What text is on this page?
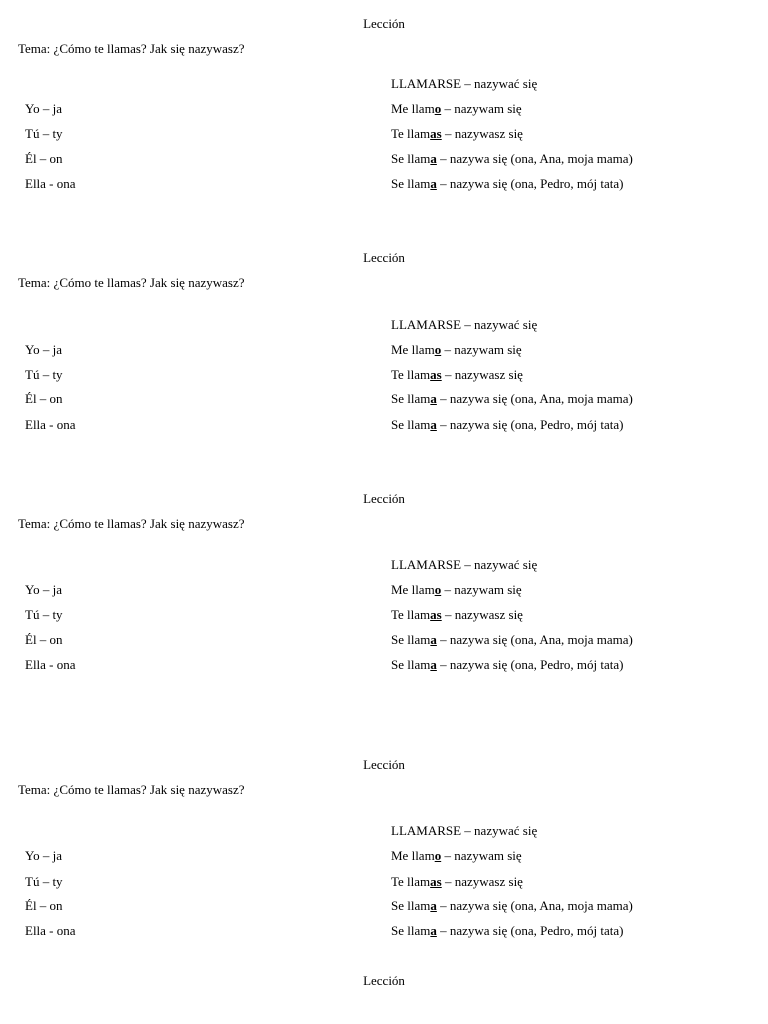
Lección
Tema: ¿Cómo te llamas? Jak się nazywasz?
LLAMARSE – nazywać się
Yo – ja
Tú – ty
Él – on
Ella - ona
Me llamo – nazywam się
Te llamas – nazywasz się
Se llama – nazywa się (ona, Ana, moja mama)
Se llama – nazywa się (ona, Pedro, mój tata)
Lección
Tema: ¿Cómo te llamas? Jak się nazywasz?
LLAMARSE – nazywać się
Yo – ja
Tú – ty
Él – on
Ella - ona
Me llamo – nazywam się
Te llamas – nazywasz się
Se llama – nazywa się (ona, Ana, moja mama)
Se llama – nazywa się (ona, Pedro, mój tata)
Lección
Tema: ¿Cómo te llamas? Jak się nazywasz?
LLAMARSE – nazywać się
Yo – ja
Tú – ty
Él – on
Ella - ona
Me llamo – nazywam się
Te llamas – nazywasz się
Se llama – nazywa się (ona, Ana, moja mama)
Se llama – nazywa się (ona, Pedro, mój tata)
Lección
Tema: ¿Cómo te llamas? Jak się nazywasz?
LLAMARSE – nazywać się
Yo – ja
Tú – ty
Él – on
Ella - ona
Me llamo – nazywam się
Te llamas – nazywasz się
Se llama – nazywa się (ona, Ana, moja mama)
Se llama – nazywa się (ona, Pedro, mój tata)
Lección
